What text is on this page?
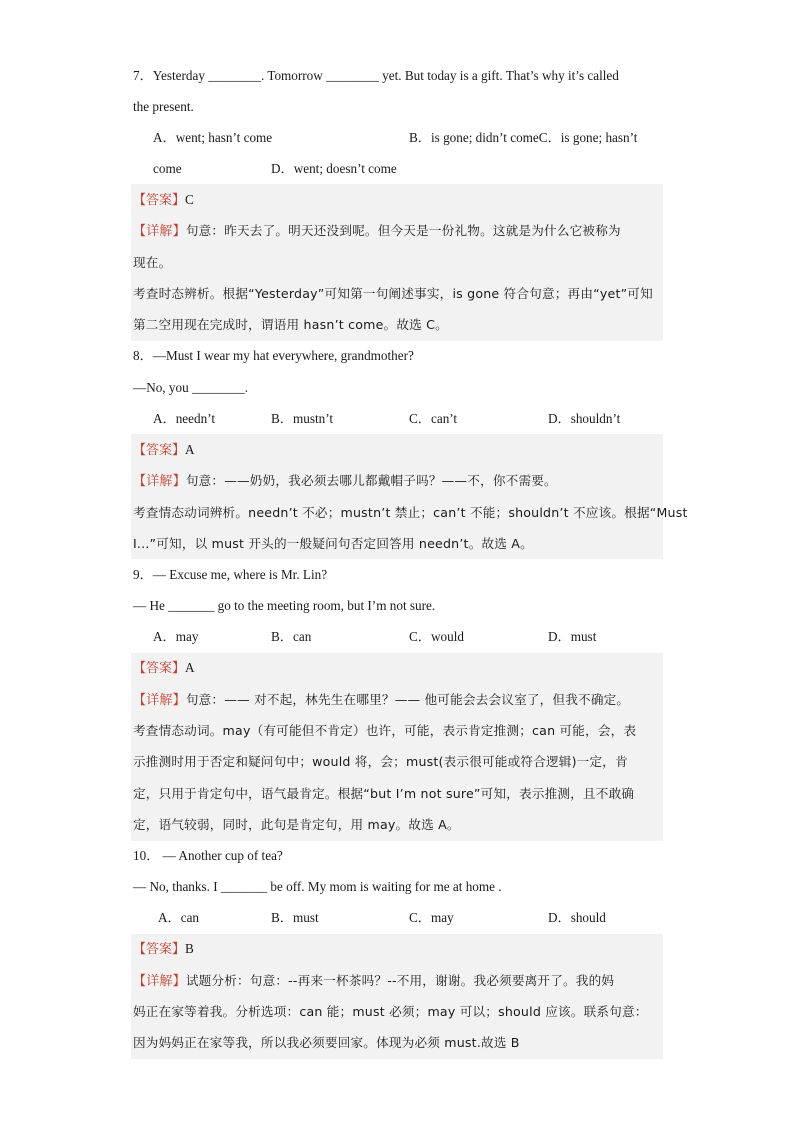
7．Yesterday ________. Tomorrow ________ yet. But today is a gift. That’s why it’s called
the present.
A．went; hasn’t come	B．is gone; didn’t comeC．is gone; hasn’t
come	D．went; doesn’t come
【答案】C
【详解】句意：昨天去了。明天还没到呢。但今天是一份礼物。这就是为什么它被称为
现在。
考查时态辨析。根据“Yesterday”可知第一句阐述事实，is gone 符合句意；再由“yet”可知
第二空用现在完成时，谓语用 hasn’t come。故选 C。
8．—Must I wear my hat everywhere, grandmother?
—No, you ________.
A．needn’t	B．mustn’t	C．can’t	D．shouldn’t
【答案】A
【详解】句意：——奶奶，我必须去哪儿都戴帽子吗？——不，你不需要。
考查情态动词辨析。needn’t 不必；mustn’t 禁止；can’t 不能；shouldn’t 不应该。根据“Must
I...”可知，以 must 开头的一般疑问句否定回答用 needn’t。故选 A。
9．— Excuse me, where is Mr. Lin?
— He _______ go to the meeting room, but I’m not sure.
A．may	B．can	C．would	D．must
【答案】A
【详解】句意：—— 对不起，林先生在哪里？—— 他可能会去会议室了，但我不确定。
考查情态动词。may（有可能但不肯定）也许，可能，表示肯定推测；can 可能，会，表
示推测时用于否定和疑问句中；would 将，会；must(表示很可能或符合逻辑)一定，肯
定，只用于肯定句中，语气最肯定。根据“but I’m not sure”可知，表示推测，且不敢确
定，语气较弱，同时，此句是肯定句，用 may。故选 A。
10． — Another cup of tea?
— No, thanks. I _______ be off. My mom is waiting for me at home .
A．can	B．must	C．may	D．should
【答案】B
【详解】试题分析：句意：--再来一杯茶吗？--不用，谢谢。我必须要离开了。我的妈
妈正在家等着我。分析选项：can 能；must 必须；may 可以；should 应该。联系句意：
因为妈妈正在家等我，所以我必须要回家。体现为必须 must.故选 B
